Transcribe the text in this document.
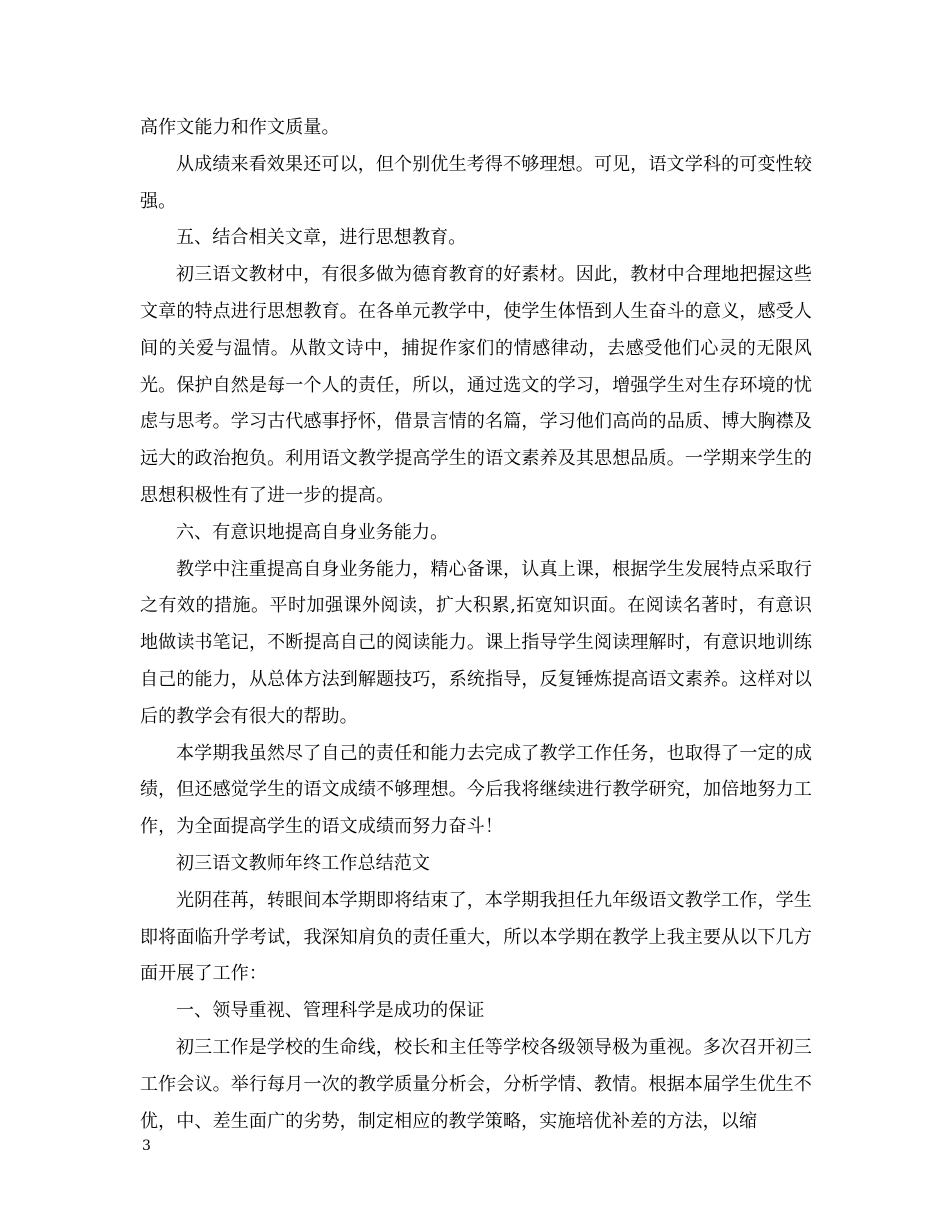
高作文能力和作文质量。

从成绩来看效果还可以，但个别优生考得不够理想。可见，语文学科的可变性较强。

五、结合相关文章，进行思想教育。

初三语文教材中，有很多做为德育教育的好素材。因此，教材中合理地把握这些文章的特点进行思想教育。在各单元教学中，使学生体悟到人生奋斗的意义，感受人间的关爱与温情。从散文诗中，捕捉作家们的情感律动，去感受他们心灵的无限风光。保护自然是每一个人的责任，所以，通过选文的学习，增强学生对生存环境的忧虑与思考。学习古代感事抒怀，借景言情的名篇，学习他们高尚的品质、博大胸襟及远大的政治抱负。利用语文教学提高学生的语文素养及其思想品质。一学期来学生的思想积极性有了进一步的提高。

六、有意识地提高自身业务能力。

教学中注重提高自身业务能力，精心备课，认真上课，根据学生发展特点采取行之有效的措施。平时加强课外阅读，扩大积累,拓宽知识面。在阅读名著时，有意识地做读书笔记，不断提高自己的阅读能力。课上指导学生阅读理解时，有意识地训练自己的能力，从总体方法到解题技巧，系统指导，反复锤炼提高语文素养。这样对以后的教学会有很大的帮助。

本学期我虽然尽了自己的责任和能力去完成了教学工作任务，也取得了一定的成绩，但还感觉学生的语文成绩不够理想。今后我将继续进行教学研究，加倍地努力工作，为全面提高学生的语文成绩而努力奋斗！

初三语文教师年终工作总结范文

光阴荏苒，转眼间本学期即将结束了，本学期我担任九年级语文教学工作，学生即将面临升学考试，我深知肩负的责任重大，所以本学期在教学上我主要从以下几方面开展了工作：

一、领导重视、管理科学是成功的保证

初三工作是学校的生命线，校长和主任等学校各级领导极为重视。多次召开初三工作会议。举行每月一次的教学质量分析会，分析学情、教情。根据本届学生优生不优，中、差生面广的劣势，制定相应的教学策略，实施培优补差的方法，以缩

3
